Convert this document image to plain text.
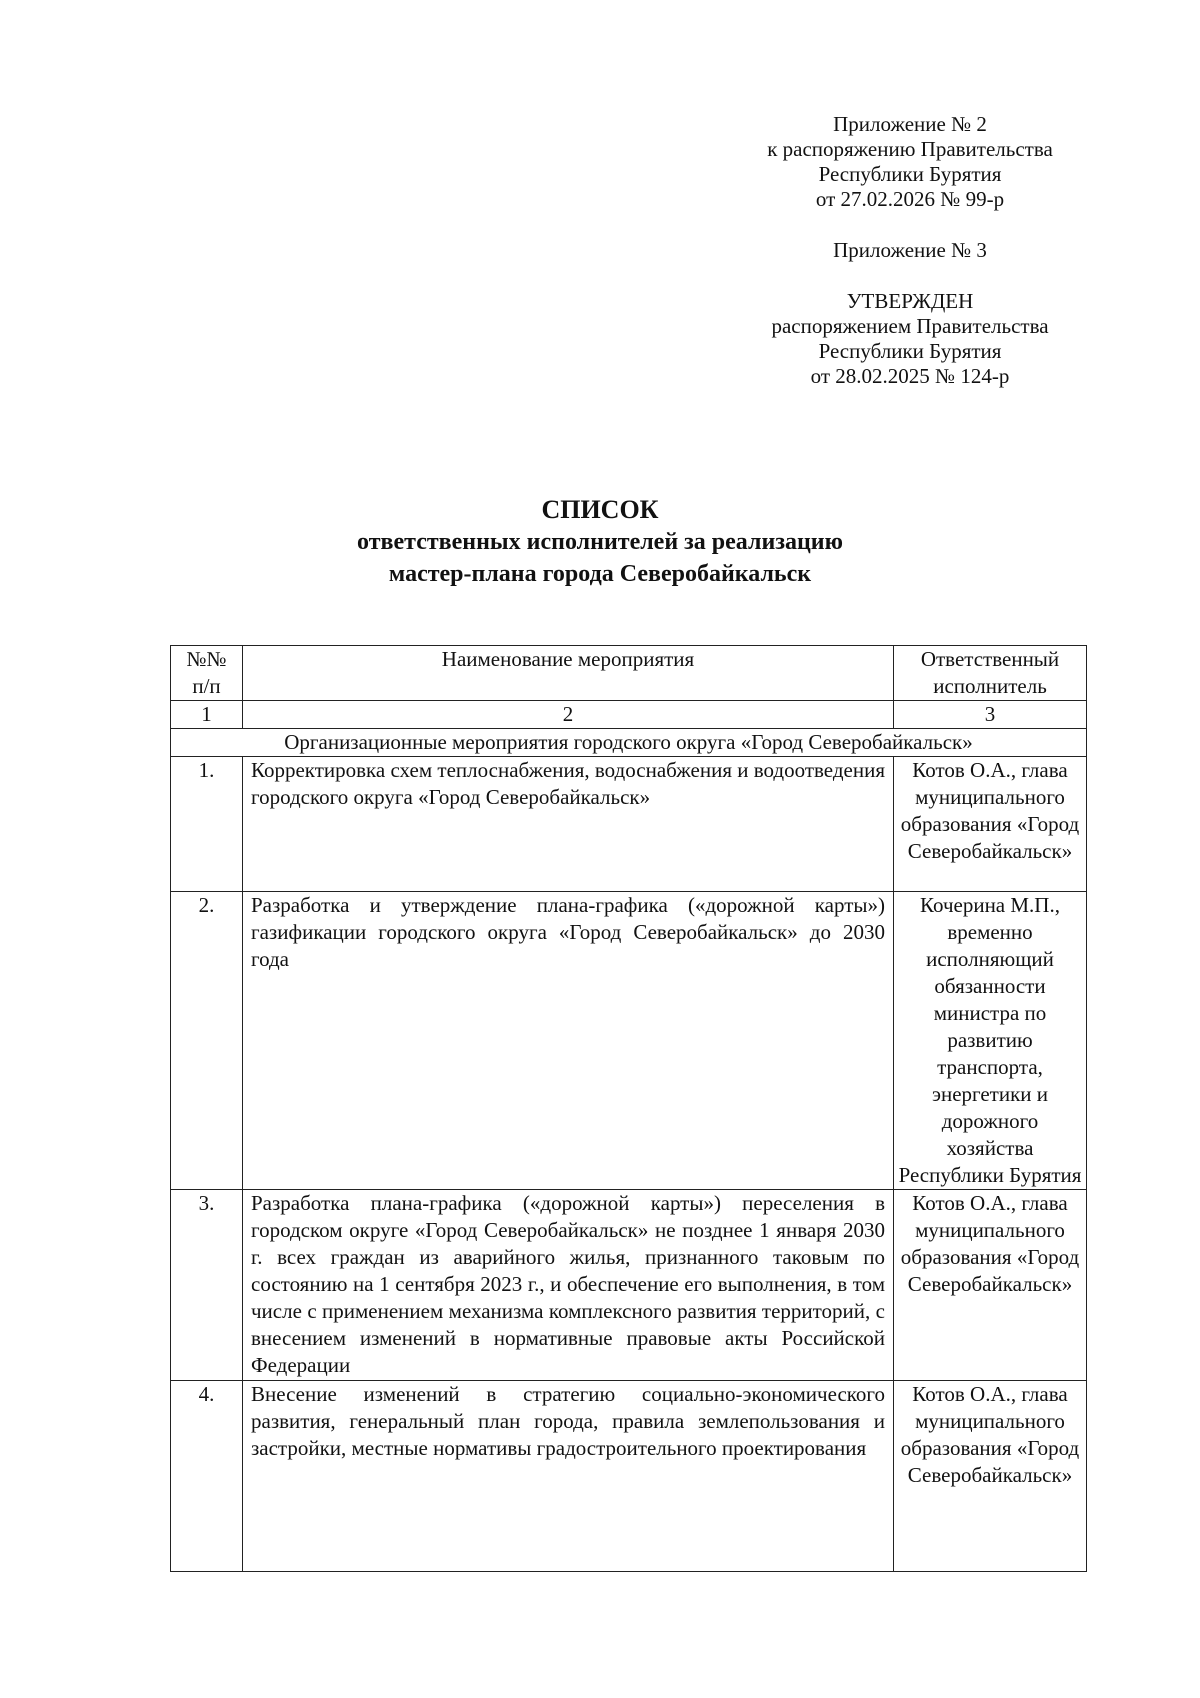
Приложение № 2
к распоряжению Правительства
Республики Бурятия
от 27.02.2026 № 99-р
Приложение № 3
УТВЕРЖДЕН
распоряжением Правительства
Республики Бурятия
от 28.02.2025 № 124-р
СПИСОК
ответственных исполнителей за реализацию
мастер-плана города Северобайкальск
№№ п/п	Наименование мероприятия	Ответственный исполнитель
1	2	3
Организационные мероприятия городского округа «Город Северобайкальск»		
1.	Корректировка схем теплоснабжения, водоснабжения и водоотведения городского округа «Город Северобайкальск»	Котов О.А., глава муниципального образования «Город Северобайкальск»
2.	Разработка и утверждение плана-графика («дорожной карты») газификации городского округа «Город Северобайкальск» до 2030 года	Кочерина М.П., временно исполняющий обязанности министра по развитию транспорта, энергетики и дорожного хозяйства Республики Бурятия
3.	Разработка плана-графика («дорожной карты») переселения в городском округе «Город Северобайкальск» не позднее 1 января 2030 г. всех граждан из аварийного жилья, признанного таковым по состоянию на 1 сентября 2023 г., и обеспечение его выполнения, в том числе с применением механизма комплексного развития территорий, с внесением изменений в нормативные правовые акты Российской Федерации	Котов О.А., глава муниципального образования «Город Северобайкальск»
4.	Внесение изменений в стратегию социально-экономического развития, генеральный план города, правила землепользования и застройки, местные нормативы градостроительного проектирования	Котов О.А., глава муниципального образования «Город Северобайкальск»
